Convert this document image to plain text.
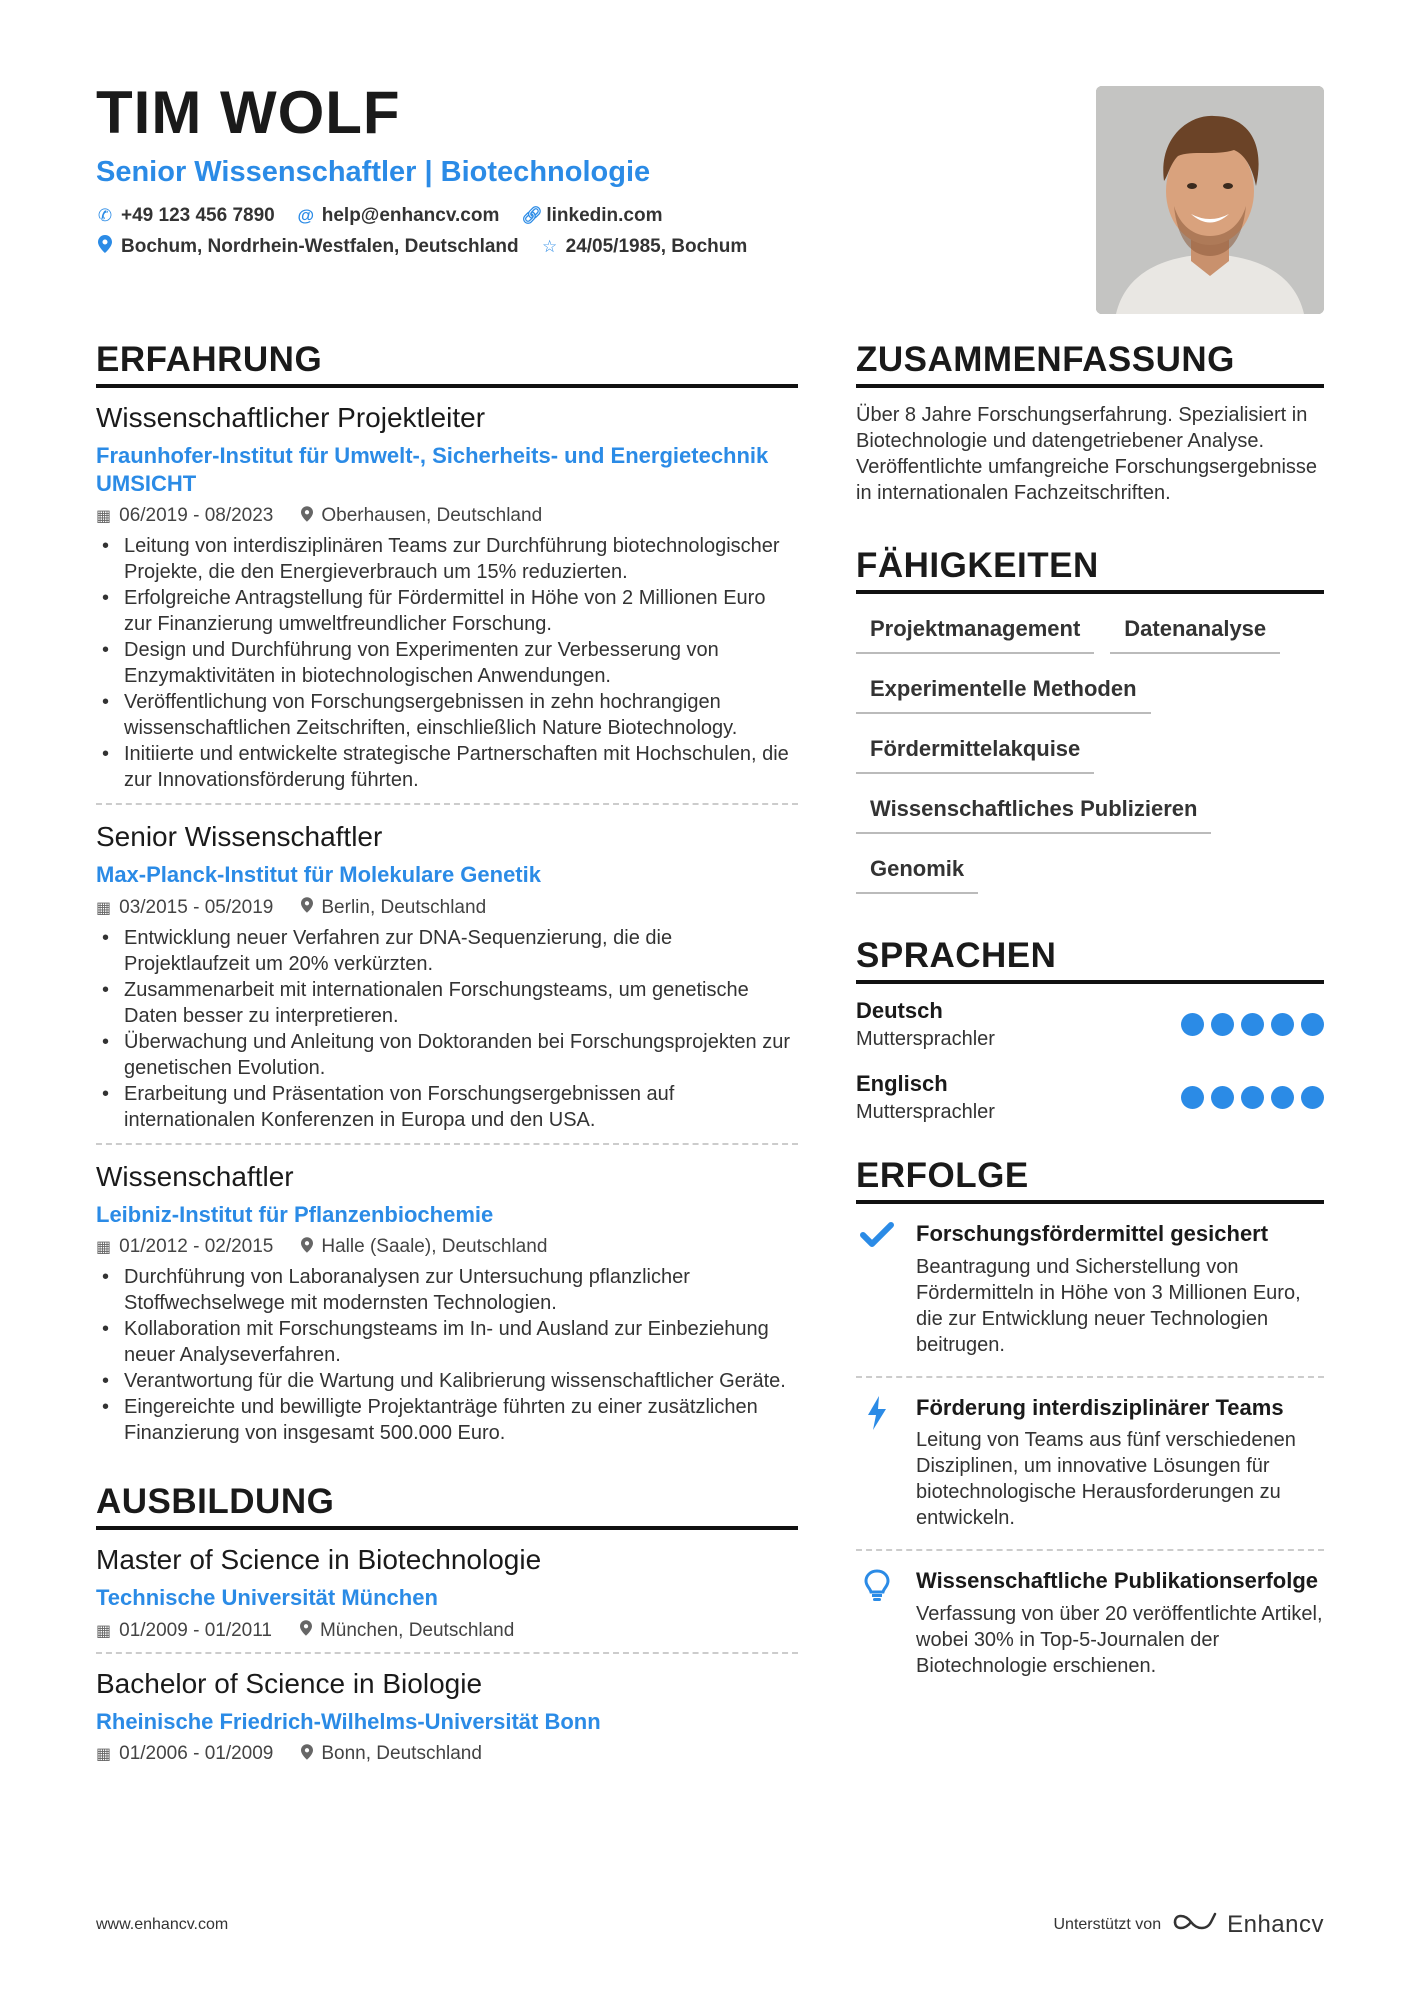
TIM WOLF
Senior Wissenschaftler | Biotechnologie
✆ +49 123 456 7890 @ help@enhancv.com 🔗︎ linkedin.com
Bochum, Nordrhein-Westfalen, Deutschland ☆ 24/05/1985, Bochum
ERFAHRUNG
Wissenschaftlicher Projektleiter
Fraunhofer-Institut für Umwelt-, Sicherheits- und Energietechnik UMSICHT
▦ 06/2019 - 08/2023	Oberhausen, Deutschland
• Leitung von interdisziplinären Teams zur Durchführung biotechnologischer Projekte, die den Energieverbrauch um 15% reduzierten.
• Erfolgreiche Antragstellung für Fördermittel in Höhe von 2 Millionen Euro zur Finanzierung umweltfreundlicher Forschung.
• Design und Durchführung von Experimenten zur Verbesserung von Enzymaktivitäten in biotechnologischen Anwendungen.
• Veröffentlichung von Forschungsergebnissen in zehn hochrangigen wissenschaftlichen Zeitschriften, einschließlich Nature Biotechnology.
• Initiierte und entwickelte strategische Partnerschaften mit Hochschulen, die zur Innovationsförderung führten.
Senior Wissenschaftler
Max-Planck-Institut für Molekulare Genetik
▦ 03/2015 - 05/2019	Berlin, Deutschland
• Entwicklung neuer Verfahren zur DNA-Sequenzierung, die die Projektlaufzeit um 20% verkürzten.
• Zusammenarbeit mit internationalen Forschungsteams, um genetische Daten besser zu interpretieren.
• Überwachung und Anleitung von Doktoranden bei Forschungsprojekten zur genetischen Evolution.
• Erarbeitung und Präsentation von Forschungsergebnissen auf internationalen Konferenzen in Europa und den USA.
Wissenschaftler
Leibniz-Institut für Pflanzenbiochemie
▦ 01/2012 - 02/2015	Halle (Saale), Deutschland
• Durchführung von Laboranalysen zur Untersuchung pflanzlicher Stoffwechselwege mit modernsten Technologien.
• Kollaboration mit Forschungsteams im In- und Ausland zur Einbeziehung neuer Analyseverfahren.
• Verantwortung für die Wartung und Kalibrierung wissenschaftlicher Geräte.
• Eingereichte und bewilligte Projektanträge führten zu einer zusätzlichen Finanzierung von insgesamt 500.000 Euro.
AUSBILDUNG
Master of Science in Biotechnologie
Technische Universität München
▦ 01/2009 - 01/2011	München, Deutschland
Bachelor of Science in Biologie
Rheinische Friedrich-Wilhelms-Universität Bonn
▦ 01/2006 - 01/2009	Bonn, Deutschland
ZUSAMMENFASSUNG
Über 8 Jahre Forschungserfahrung. Spezialisiert in Biotechnologie und datengetriebener Analyse. Veröffentlichte umfangreiche Forschungsergebnisse in internationalen Fachzeitschriften.
FÄHIGKEITEN
Projektmanagement	Datenanalyse
Experimentelle Methoden
Fördermittelakquise
Wissenschaftliches Publizieren
Genomik
SPRACHEN
Deutsch
Muttersprachler
Englisch
Muttersprachler
ERFOLGE
Forschungsfördermittel gesichert
Beantragung und Sicherstellung von Fördermitteln in Höhe von 3 Millionen Euro, die zur Entwicklung neuer Technologien beitrugen.
Förderung interdisziplinärer Teams
Leitung von Teams aus fünf verschiedenen Disziplinen, um innovative Lösungen für biotechnologische Herausforderungen zu entwickeln.
Wissenschaftliche Publikationserfolge
Verfassung von über 20 veröffentlichte Artikel, wobei 30% in Top-5-Journalen der Biotechnologie erschienen.
www.enhancv.com	Unterstützt von	Enhancv
